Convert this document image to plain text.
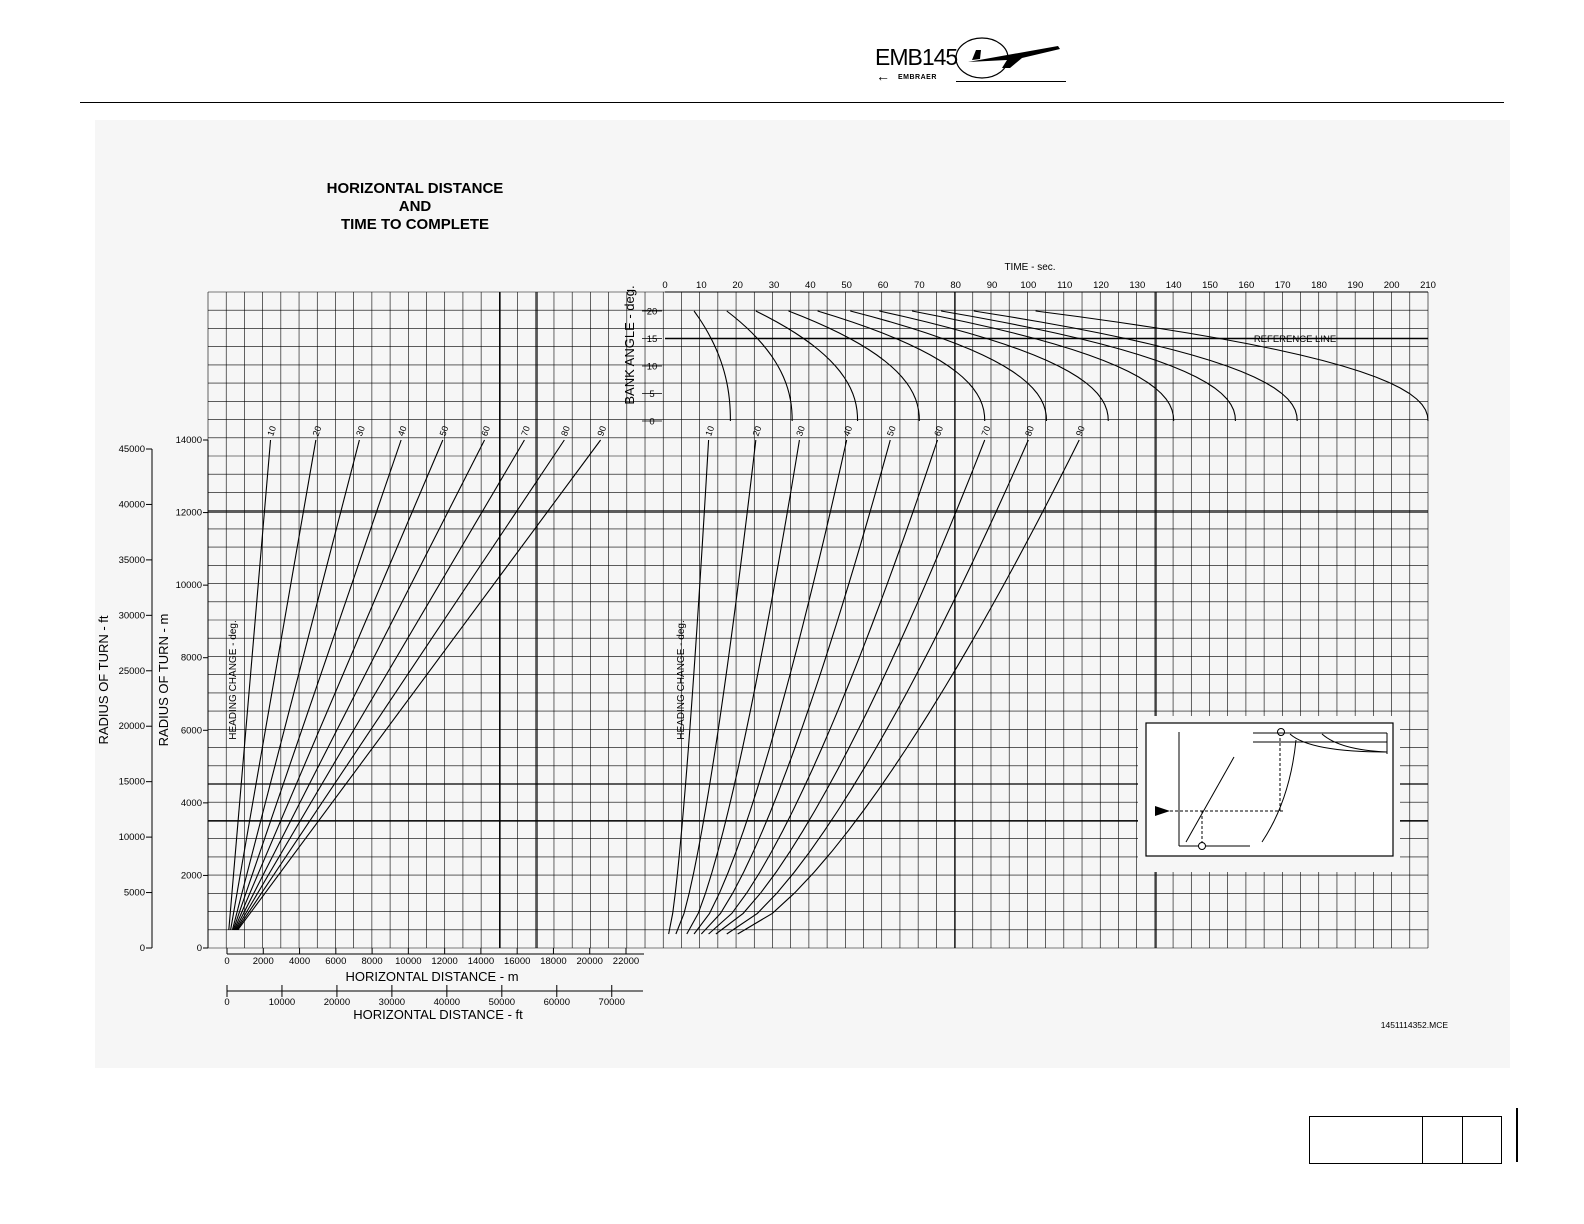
EMB145
← EMBRAER
HORIZONTAL DISTANCE
AND
TIME TO COMPLETE
0 2000 4000 6000 8000 10000 12000 14000 16000 18000 20000 22000
HORIZONTAL DISTANCE - m
0	10000	20000	30000	40000	50000	60000	70000
HORIZONTAL DISTANCE - ft
0
2000
4000
6000
8000
10000
12000
14000
RADIUS OF TURN - m
0
5000
10000
15000
20000
25000
30000
35000
40000
45000
RADIUS OF TURN - ft	HEADING CHANGE - deg.
10	20	30	40	50	60	70	80	90
TIME - sec.
0	10	20	30	40	50	60	70	80	90 100 110 120 130 140 150 160 170 180 190 200 210
0
5
10
15
20
BANK ANGLE - deg.	REFERENCE LINE
HEADING CHANGE - deg.
10	20	30	40	50	60	70	80	90
1451114352.MCE
